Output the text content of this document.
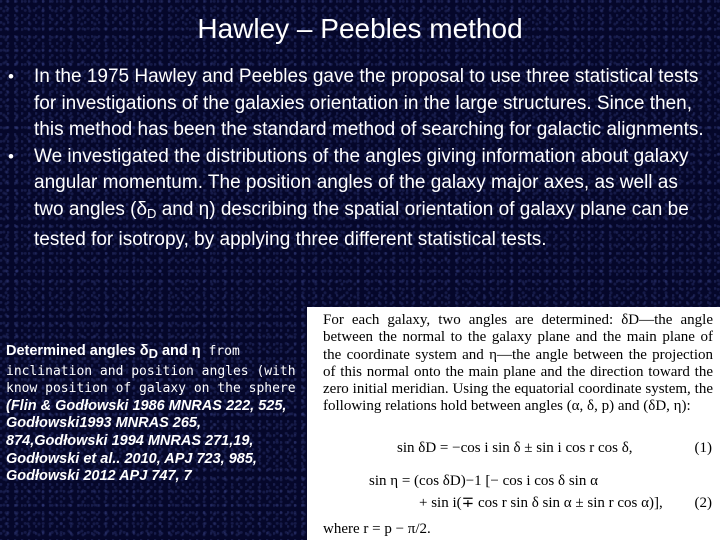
Hawley – Peebles method
• In the 1975 Hawley and Peebles gave the proposal to use three statistical tests for investigations of the galaxies orientation in the large structures. Since then, this method has been the standard method of searching for galactic alignments.
• We investigated the distributions of the angles giving information about galaxy angular momentum. The position angles of the galaxy major axes, as well as two angles ($\delta_D$ and η) describing the spatial orientation of galaxy plane can be tested for isotropy, by applying three different statistical tests.
Determined angles δD and η from inclination and position angles (with know position of galaxy on the sphere (Flin & Godłowski 1986 MNRAS 222, 525, Godłowski1993 MNRAS 265, 874,Godłowski 1994 MNRAS 271,19, Godłowski et al.. 2010, APJ 723, 985, Godłowski 2012 APJ 747, 7
For each galaxy, two angles are determined: δD—the angle between the normal to the galaxy plane and the main plane of the coordinate system and η—the angle between the projection of this normal onto the main plane and the direction toward the zero initial meridian. Using the equatorial coordinate system, the following relations hold between angles (α, δ, p) and (δD, η):
sin δD = −cos i sin δ ± sin i cos r cos δ,	(1)
sin η = (cos δD)−1 [− cos i cos δ sin α
+ sin i(∓ cos r sin δ sin α ± sin r cos α)], (2)
where r = p − π/2.
